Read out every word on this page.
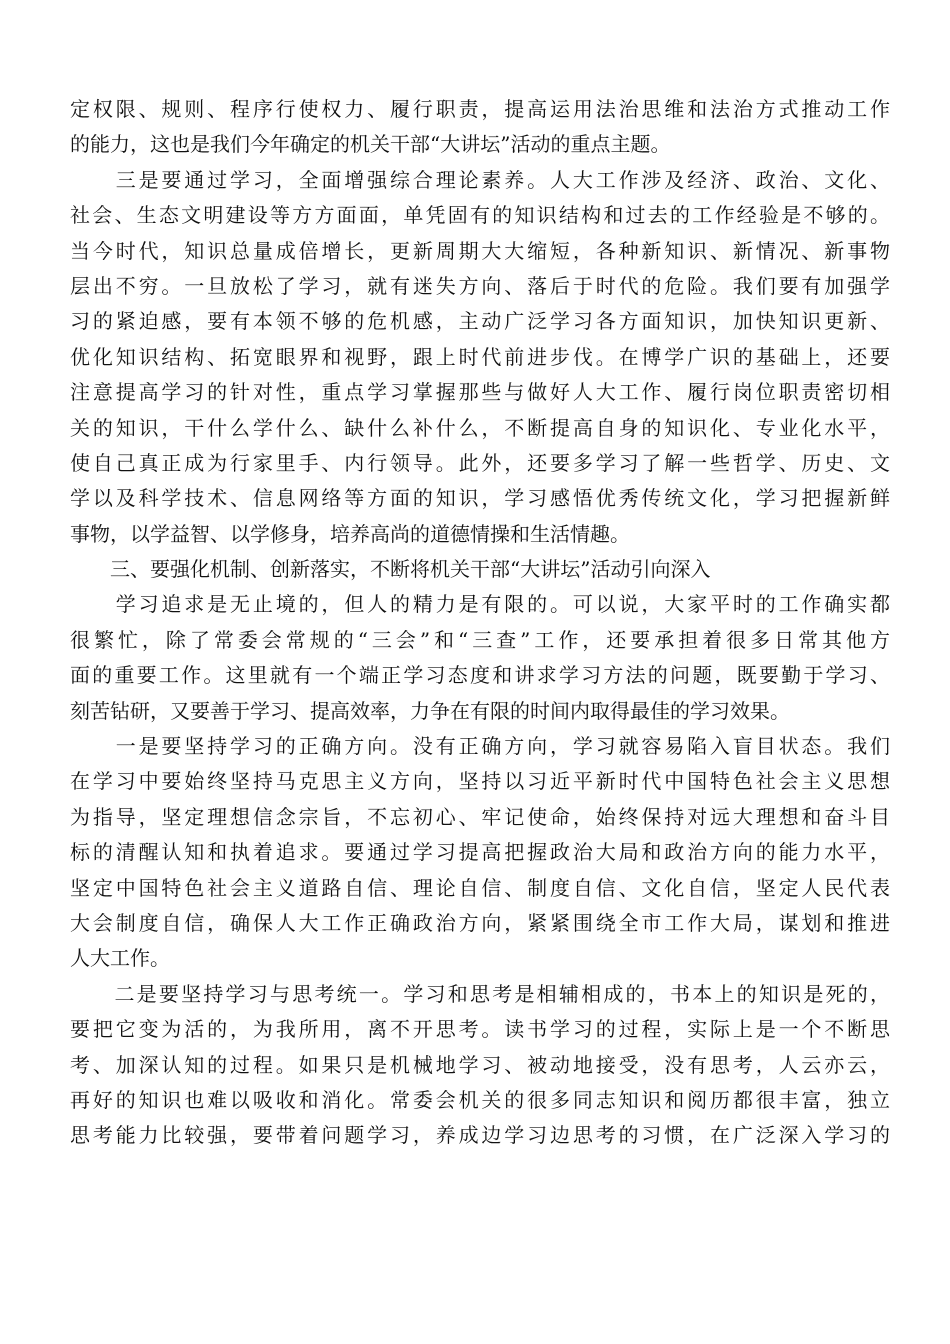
定权限、规则、程序行使权力、履行职责，提高运用法治思维和法治方式推动工作
的能力，这也是我们今年确定的机关干部“大讲坛”活动的重点主题。
　　三是要通过学习，全面增强综合理论素养。人大工作涉及经济、政治、文化、
社会、生态文明建设等方方面面，单凭固有的知识结构和过去的工作经验是不够的。
当今时代，知识总量成倍增长，更新周期大大缩短，各种新知识、新情况、新事物
层出不穷。一旦放松了学习，就有迷失方向、落后于时代的危险。我们要有加强学
习的紧迫感，要有本领不够的危机感，主动广泛学习各方面知识，加快知识更新、
优化知识结构、拓宽眼界和视野，跟上时代前进步伐。在博学广识的基础上，还要
注意提高学习的针对性，重点学习掌握那些与做好人大工作、履行岗位职责密切相
关的知识，干什么学什么、缺什么补什么，不断提高自身的知识化、专业化水平，
使自己真正成为行家里手、内行领导。此外，还要多学习了解一些哲学、历史、文
学以及科学技术、信息网络等方面的知识，学习感悟优秀传统文化，学习把握新鲜
事物，以学益智、以学修身，培养高尚的道德情操和生活情趣。
　　三、要强化机制、创新落实，不断将机关干部“大讲坛”活动引向深入
　　学习追求是无止境的，但人的精力是有限的。可以说，大家平时的工作确实都
很繁忙，除了常委会常规的“三会”和“三查”工作，还要承担着很多日常其他方
面的重要工作。这里就有一个端正学习态度和讲求学习方法的问题，既要勤于学习、
刻苦钻研，又要善于学习、提高效率，力争在有限的时间内取得最佳的学习效果。
　　一是要坚持学习的正确方向。没有正确方向，学习就容易陷入盲目状态。我们
在学习中要始终坚持马克思主义方向，坚持以习近平新时代中国特色社会主义思想
为指导，坚定理想信念宗旨，不忘初心、牢记使命，始终保持对远大理想和奋斗目
标的清醒认知和执着追求。要通过学习提高把握政治大局和政治方向的能力水平，
坚定中国特色社会主义道路自信、理论自信、制度自信、文化自信，坚定人民代表
大会制度自信，确保人大工作正确政治方向，紧紧围绕全市工作大局，谋划和推进
人大工作。
　　二是要坚持学习与思考统一。学习和思考是相辅相成的，书本上的知识是死的，
要把它变为活的，为我所用，离不开思考。读书学习的过程，实际上是一个不断思
考、加深认知的过程。如果只是机械地学习、被动地接受，没有思考，人云亦云，
再好的知识也难以吸收和消化。常委会机关的很多同志知识和阅历都很丰富，独立
思考能力比较强，要带着问题学习，养成边学习边思考的习惯，在广泛深入学习的
